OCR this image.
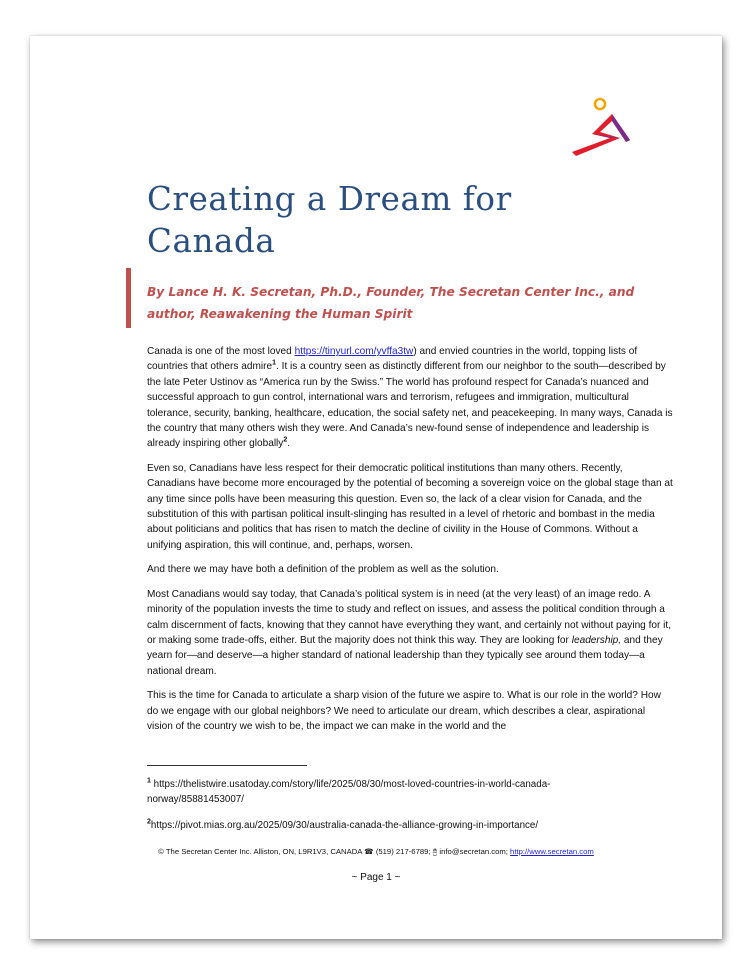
Creating a Dream for Canada

By Lance H. K. Secretan, Ph.D., Founder, The Secretan Center Inc., and author, Reawakening the Human Spirit

Canada is one of the most loved https://tinyurl.com/yvffa3tw) and envied countries in the world, topping lists of countries that others admire$^1$. It is a country seen as distinctly different from our neighbor to the south—described by the late Peter Ustinov as “America run by the Swiss.” The world has profound respect for Canada’s nuanced and successful approach to gun control, international wars and terrorism, refugees and immigration, multicultural tolerance, security, banking, healthcare, education, the social safety net, and peacekeeping. In many ways, Canada is the country that many others wish they were. And Canada’s new-found sense of independence and leadership is already inspiring other globally$^2$.

Even so, Canadians have less respect for their democratic political institutions than many others. Recently, Canadians have become more encouraged by the potential of becoming a sovereign voice on the global stage than at any time since polls have been measuring this question. Even so, the lack of a clear vision for Canada, and the substitution of this with partisan political insult-slinging has resulted in a level of rhetoric and bombast in the media about politicians and politics that has risen to match the decline of civility in the House of Commons. Without a unifying aspiration, this will continue, and, perhaps, worsen.

And there we may have both a definition of the problem as well as the solution.

Most Canadians would say today, that Canada’s political system is in need (at the very least) of an image redo. A minority of the population invests the time to study and reflect on issues, and assess the political condition through a calm discernment of facts, knowing that they cannot have everything they want, and certainly not without paying for it, or making some trade-offs, either. But the majority does not think this way. They are looking for leadership, and they yearn for—and deserve—a higher standard of national leadership than they typically see around them today—a national dream.

This is the time for Canada to articulate a sharp vision of the future we aspire to. What is our role in the world? How do we engage with our global neighbors? We need to articulate our dream, which describes a clear, aspirational vision of the country we wish to be, the impact we can make in the world and the

$^1$ https://thelistwire.usatoday.com/story/life/2025/08/30/most-loved-countries-in-world-canada-norway/85881453007/

$^2$https://pivot.mias.org.au/2025/09/30/australia-canada-the-alliance-growing-in-importance/

© The Secretan Center Inc. Alliston, ON, L9R1V3, CANADA ☎ (519) 217-6789; 🖰 info@secretan.com; http://www.secretan.com
~ Page 1 ~
